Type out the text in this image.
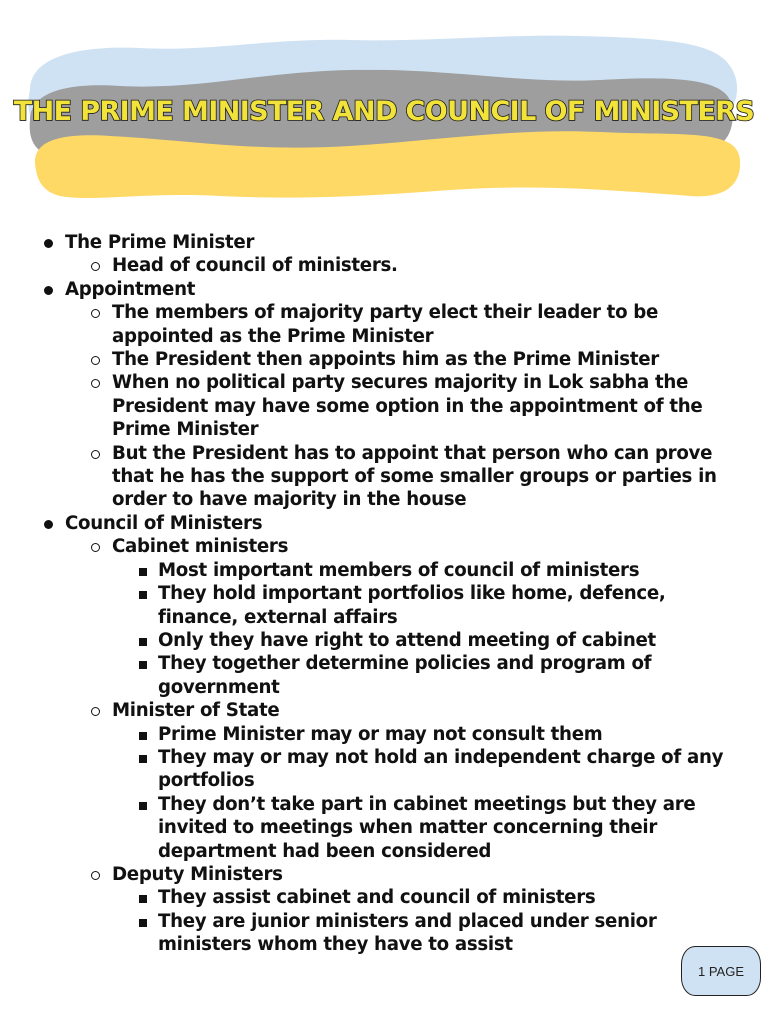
THE PRIME MINISTER AND COUNCIL OF MINISTERS
The Prime Minister
Head of council of ministers.
Appointment
The members of majority party elect their leader to be appointed as the Prime Minister
The President then appoints him as the Prime Minister
When no political party secures majority in Lok sabha the President may have some option in the appointment of the Prime Minister
But the President has to appoint that person who can prove that he has the support of some smaller groups or parties in order to have majority in the house
Council of Ministers
Cabinet ministers
Most important members of council of ministers
They hold important portfolios like home, defence, finance, external affairs
Only they have right to attend meeting of cabinet
They together determine policies and program of government
Minister of State
Prime Minister may or may not consult them
They may or may not hold an independent charge of any portfolios
They don’t take part in cabinet meetings but they are invited to meetings when matter concerning their department had been considered
Deputy Ministers
They assist cabinet and council of ministers
They are junior ministers and placed under senior ministers whom they have to assist
1 PAGE
